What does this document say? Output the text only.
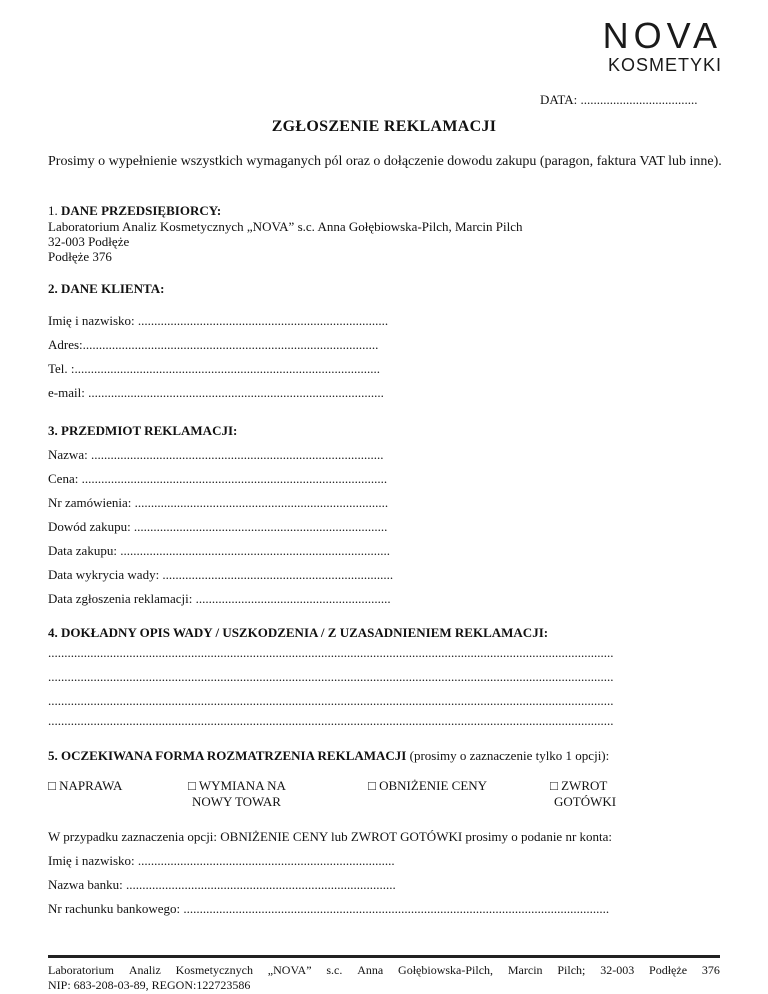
NOVA
KOSMETYKI
DATA: ....................................
ZGŁOSZENIE REKLAMACJI
Prosimy o wypełnienie wszystkich wymaganych pól oraz o dołączenie dowodu zakupu (paragon, faktura VAT lub inne).
1. DANE PRZEDSIĘBIORCY:
Laboratorium Analiz Kosmetycznych „NOVA” s.c. Anna Gołębiowska-Pilch, Marcin Pilch
32-003 Podłęże
Podłęże 376
2. DANE KLIENTA:
Imię i nazwisko: .............................................................................
Adres:...........................................................................................
Tel. :..............................................................................................
e-mail: ...........................................................................................
3. PRZEDMIOT REKLAMACJI:
Nazwa: ..........................................................................................
Cena: ..............................................................................................
Nr zamówienia: ..............................................................................
Dowód zakupu: ..............................................................................
Data zakupu: ...................................................................................
Data wykrycia wady: .......................................................................
Data zgłoszenia reklamacji: ............................................................
4. DOKŁADNY OPIS WADY / USZKODZENIA / Z UZASADNIENIEM REKLAMACJI:
..............................................................................................................................................................................
..............................................................................................................................................................................
..............................................................................................................................................................................
..............................................................................................................................................................................
5. OCZEKIWANA FORMA ROZMATRZENIA REKLAMACJI (prosimy o zaznaczenie tylko 1 opcji):
□ NAPRAWA	□ WYMIANA NA
NOWY TOWAR
□ OBNIŻENIE CENY	□ ZWROT
GOTÓWKI
W przypadku zaznaczenia opcji: OBNIŻENIE CENY lub ZWROT GOTÓWKI prosimy o podanie nr konta:
Imię i nazwisko: ...............................................................................
Nazwa banku: ...................................................................................
Nr rachunku bankowego: ...................................................................................................................................
Laboratorium Analiz Kosmetycznych „NOVA” s.c. Anna Gołębiowska-Pilch, Marcin Pilch; 32-003 Podłęże 376
NIP: 683-208-03-89, REGON:122723586
